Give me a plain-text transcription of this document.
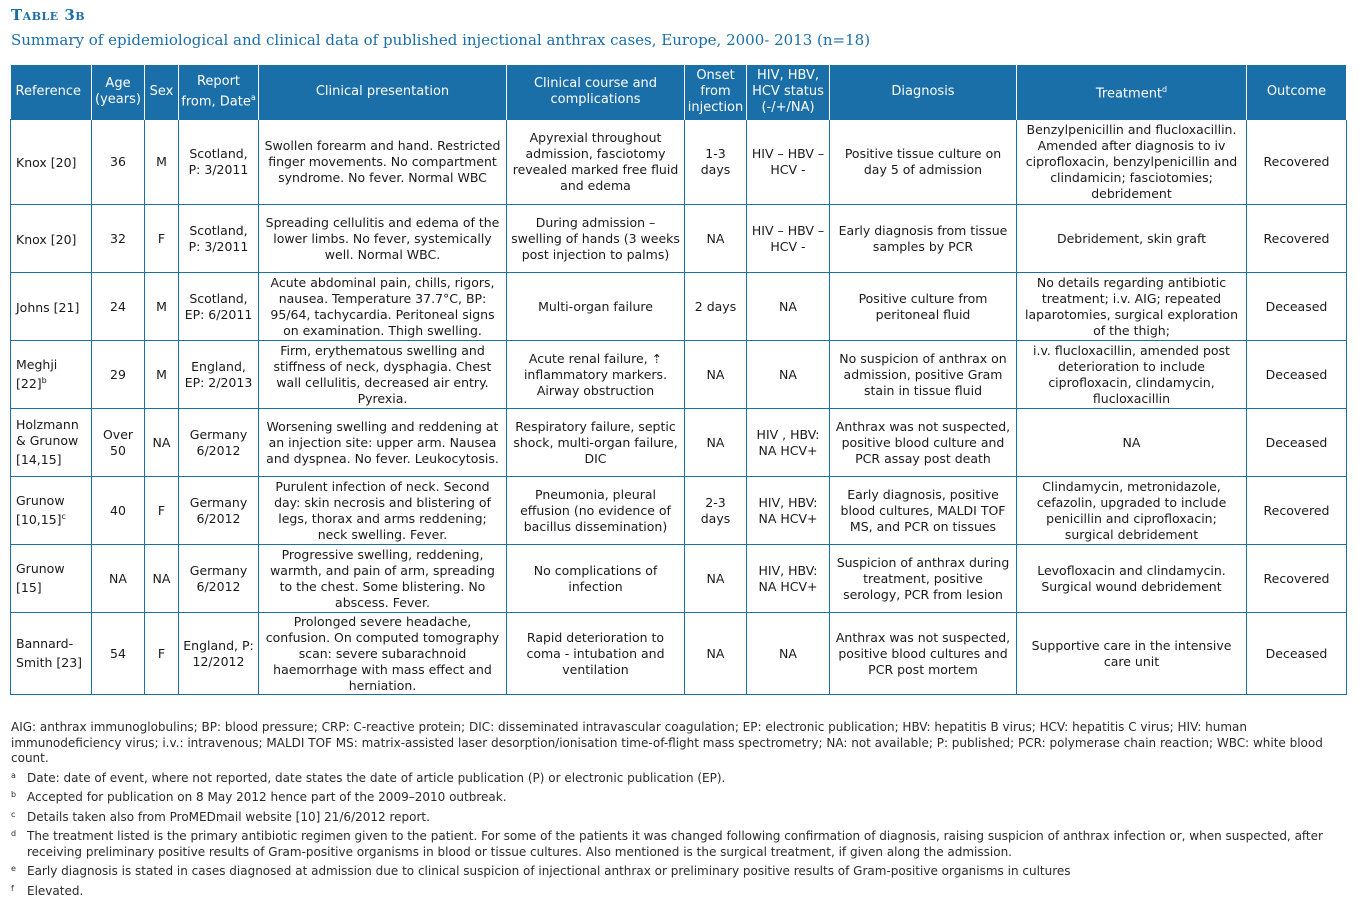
Table 3b
Summary of epidemiological and clinical data of published injectional anthrax cases, Europe, 2000- 2013 (n=18)
Reference	Age (years)	Sex	Report from, Date$^a$	Clinical presentation	Clinical course and complications	Onset from injection	HIV, HBV, HCV status (-/+/NA)	Diagnosis	Treatment$^d$	Outcome
Knox [20]	36	M	Scotland, P: 3/2011	Swollen forearm and hand. Restricted finger movements. No compartment syndrome. No fever. Normal WBC	Apyrexial throughout admission, fasciotomy revealed marked free fluid and edema	1-3 days	HIV – HBV – HCV -	Positive tissue culture on day 5 of admission	Benzylpenicillin and flucloxacillin. Amended after diagnosis to iv ciprofloxacin, benzylpenicillin and clindamicin; fasciotomies; debridement	Recovered
Knox [20]	32	F	Scotland, P: 3/2011	Spreading cellulitis and edema of the lower limbs. No fever, systemically well. Normal WBC.	During admission – swelling of hands (3 weeks post injection to palms)	NA	HIV – HBV – HCV -	Early diagnosis from tissue samples by PCR	Debridement, skin graft	Recovered
Johns [21]	24	M	Scotland, EP: 6/2011	Acute abdominal pain, chills, rigors, nausea. Temperature 37.7°C, BP: 95/64, tachycardia. Peritoneal signs on examination. Thigh swelling.	Multi-organ failure	2 days	NA	Positive culture from peritoneal fluid	No details regarding antibiotic treatment; i.v. AIG; repeated laparotomies, surgical exploration of the thigh;	Deceased
Meghji $[22]^b$	29	M	England, EP: 2/2013	Firm, erythematous swelling and stiffness of neck, dysphagia. Chest wall cellulitis, decreased air entry. Pyrexia.	Acute renal failure, ⇡ inflammatory markers. Airway obstruction	NA	NA	No suspicion of anthrax on admission, positive Gram stain in tissue fluid	i.v. flucloxacillin, amended post deterioration to include ciprofloxacin, clindamycin, flucloxacillin	Deceased
Holzmann & Grunow [14,15]	Over 50	NA	Germany 6/2012	Worsening swelling and reddening at an injection site: upper arm. Nausea and dyspnea. No fever. Leukocytosis.	Respiratory failure, septic shock, multi-organ failure, DIC	NA	HIV , HBV: NA HCV+	Anthrax was not suspected, positive blood culture and PCR assay post death	NA	Deceased
Grunow $[10,15]^c$	40	F	Germany 6/2012	Purulent infection of neck. Second day: skin necrosis and blistering of legs, thorax and arms reddening; neck swelling. Fever.	Pneumonia, pleural effusion (no evidence of bacillus dissemination)	2-3 days	HIV, HBV: NA HCV+	Early diagnosis, positive blood cultures, MALDI TOF MS, and PCR on tissues	Clindamycin, metronidazole, cefazolin, upgraded to include penicillin and ciprofloxacin; surgical debridement	Recovered
Grunow [15]	NA	NA	Germany 6/2012	Progressive swelling, reddening, warmth, and pain of arm, spreading to the chest. Some blistering. No abscess. Fever.	No complications of infection	NA	HIV, HBV: NA HCV+	Suspicion of anthrax during treatment, positive serology, PCR from lesion	Levofloxacin and clindamycin. Surgical wound debridement	Recovered
Bannard-Smith [23]	54	F	England, P: 12/2012	Prolonged severe headache, confusion. On computed tomography scan: severe subarachnoid haemorrhage with mass effect and herniation.	Rapid deterioration to coma - intubation and ventilation	NA	NA	Anthrax was not suspected, positive blood cultures and PCR post mortem	Supportive care in the intensive care unit	Deceased
AIG: anthrax immunoglobulins; BP: blood pressure; CRP: C-reactive protein; DIC: disseminated intravascular coagulation; EP: electronic publication; HBV: hepatitis B virus; HCV: hepatitis C virus; HIV: human immunodeficiency virus; i.v.: intravenous; MALDI TOF MS: matrix-assisted laser desorption/ionisation time-of-flight mass spectrometry; NA: not available; P: published; PCR: polymerase chain reaction; WBC: white blood count.
a Date: date of event, where not reported, date states the date of article publication (P) or electronic publication (EP).
b Accepted for publication on 8 May 2012 hence part of the 2009–2010 outbreak.
c Details taken also from ProMEDmail website [10] 21/6/2012 report.
d The treatment listed is the primary antibiotic regimen given to the patient. For some of the patients it was changed following confirmation of diagnosis, raising suspicion of anthrax infection or, when suspected, after receiving preliminary positive results of Gram-positive organisms in blood or tissue cultures. Also mentioned is the surgical treatment, if given along the admission.
e Early diagnosis is stated in cases diagnosed at admission due to clinical suspicion of injectional anthrax or preliminary positive results of Gram-positive organisms in cultures
f Elevated.
